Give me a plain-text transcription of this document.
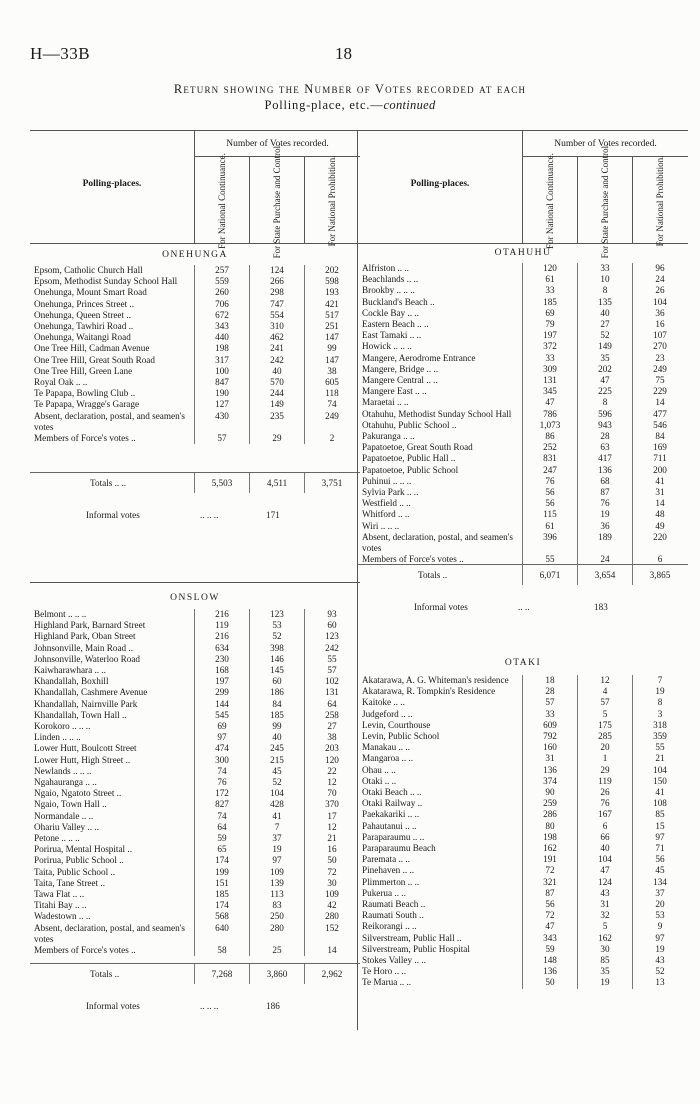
H—33B	18
Return showing the Number of Votes recorded at each
Polling-place, etc.—continued
Polling-places.
Number of Votes recorded.
For National Continuance.	For State Purchase and Control.	For National Prohibition.
ONEHUNGA
Epsom, Catholic Church Hall	257	124	202
Epsom, Methodist Sunday School Hall	559	266	598
Onehunga, Mount Smart Road	260	298	193
Onehunga, Princes Street ..	706	747	421
Onehunga, Queen Street ..	672	554	517
Onehunga, Tawhiri Road ..	343	310	251
Onehunga, Waitangi Road	440	462	147
One Tree Hill, Cadman Avenue	198	241	99
One Tree Hill, Great South Road	317	242	147
One Tree Hill, Green Lane	100	40	38
Royal Oak .. ..	847	570	605
Te Papapa, Bowling Club ..	190	244	118
Te Papapa, Wragge's Garage	127	149	74
Absent, declaration, postal, and seamen's votes
430	235	249
Members of Force's votes ..	57	29	2
Totals .. ..	5,503	4,511	3,751
Informal votes	.. .. ..	171
ONSLOW
Belmont .. .. ..	216	123	93
Highland Park, Barnard Street	119	53	60
Highland Park, Oban Street	216	52	123
Johnsonville, Main Road ..	634	398	242
Johnsonville, Waterloo Road	230	146	55
Kaiwharawhara .. ..	168	145	57
Khandallah, Boxhill	197	60	102
Khandallah, Cashmere Avenue	299	186	131
Khandallah, Nairnville Park	144	84	64
Khandallah, Town Hall ..	545	185	258
Korokoro .. .. ..	69	99	27
Linden .. .. ..	97	40	38
Lower Hutt, Boulcott Street	474	245	203
Lower Hutt, High Street ..	300	215	120
Newlands .. .. ..	74	45	22
Ngahauranga .. ..	76	52	12
Ngaio, Ngatoto Street ..	172	104	70
Ngaio, Town Hall ..	827	428	370
Normandale .. ..	74	41	17
Ohariu Valley .. ..	64	7	12
Petone .. .. ..	59	37	21
Porirua, Mental Hospital ..	65	19	16
Porirua, Public School ..	174	97	50
Taita, Public School ..	199	109	72
Taita, Tane Street ..	151	139	30
Tawa Flat .. ..	185	113	109
Titahi Bay .. ..	174	83	42
Wadestown .. ..	568	250	280
Absent, declaration, postal, and seamen's votes
640	280	152
Members of Force's votes ..	58	25	14
Totals ..	7,268	3,860	2,962
Informal votes	.. .. ..	186
Polling-places.
Number of Votes recorded.
For National Continuance.	For State Purchase and Control.	For National Prohibition.
OTAHUHU
Alfriston .. ..	120	33	96
Beachlands .. ..	61	10	24
Brookby .. .. ..	33	8	26
Buckland's Beach ..	185	135	104
Cockle Bay .. ..	69	40	36
Eastern Beach .. ..	79	27	16
East Tamaki .. ..	197	52	107
Howick .. .. ..	372	149	270
Mangere, Aerodrome Entrance	33	35	23
Mangere, Bridge .. ..	309	202	249
Mangere Central .. ..	131	47	75
Mangere East .. ..	345	225	229
Maraetai .. ..	47	8	14
Otahuhu, Methodist Sunday School Hall	786	596	477
Otahuhu, Public School ..	1,073	943	546
Pakuranga .. ..	86	28	84
Papatoetoe, Great South Road	252	63	169
Papatoetoe, Public Hall ..	831	417	711
Papatoetoe, Public School	247	136	200
Puhinui .. .. ..	76	68	41
Sylvia Park .. ..	56	87	31
Westfield .. ..	56	76	14
Whitford .. ..	115	19	48
Wiri .. .. ..	61	36	49
Absent, declaration, postal, and seamen's votes
396	189	220
Members of Force's votes ..	55	24	6
Totals ..	6,071	3,654	3,865
Informal votes	.. ..	183
OTAKI
Akatarawa, A. G. Whiteman's residence	18	12	7
Akatarawa, R. Tompkin's Residence	28	4	19
Kaitoke .. ..	57	57	8
Judgeford .. ..	33	5	3
Levin, Courthouse	609	175	318
Levin, Public School	792	285	359
Manakau .. ..	160	20	55
Mangaroa .. ..	31	1	21
Ohau .. ..	136	29	104
Otaki .. ..	374	119	150
Otaki Beach .. ..	90	26	41
Otaki Railway ..	259	76	108
Paekakariki .. ..	286	167	85
Pahautanui .. ..	80	6	15
Paraparaumu .. ..	198	66	97
Paraparaumu Beach	162	40	71
Paremata .. ..	191	104	56
Pinehaven .. ..	72	47	45
Plimmerton .. ..	321	124	134
Pukerua .. ..	87	43	37
Raumati Beach ..	56	31	20
Raumati South ..	72	32	53
Reikorangi .. ..	47	5	9
Silverstream, Public Hall ..	343	162	97
Silverstream, Public Hospital	59	30	19
Stokes Valley .. ..	148	85	43
Te Horo .. ..	136	35	52
Te Marua .. ..	50	19	13
